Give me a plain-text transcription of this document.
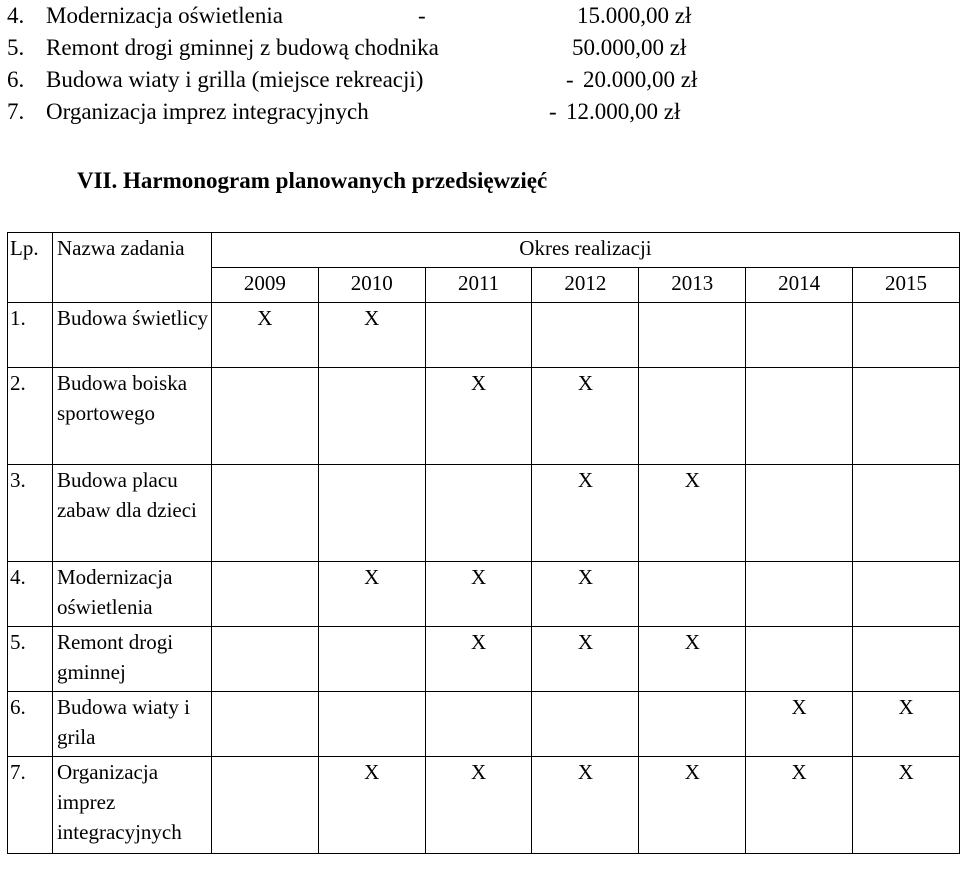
4. Modernizacja oświetlenia	-	15.000,00 zł
5. Remont drogi gminnej z budową chodnika	50.000,00 zł
6. Budowa wiaty i grilla (miejsce rekreacji)	- 20.000,00 zł
7. Organizacja imprez integracyjnych	- 12.000,00 zł
VII. Harmonogram planowanych przedsięwzięć
Lp.	Nazwa zadania	Okres realizacji						
		2009	2010	2011	2012	2013	2014	2015
1.	Budowa świetlicy	X	X					
2.	Budowa boiska sportowego			X	X			
3.	Budowa placu zabaw dla dzieci				X	X		
4.	Modernizacja oświetlenia		X	X	X			
5.	Remont drogi gminnej			X	X	X		
6.	Budowa wiaty i grila						X	X
7.	Organizacja imprez integracyjnych		X	X	X	X	X	X
